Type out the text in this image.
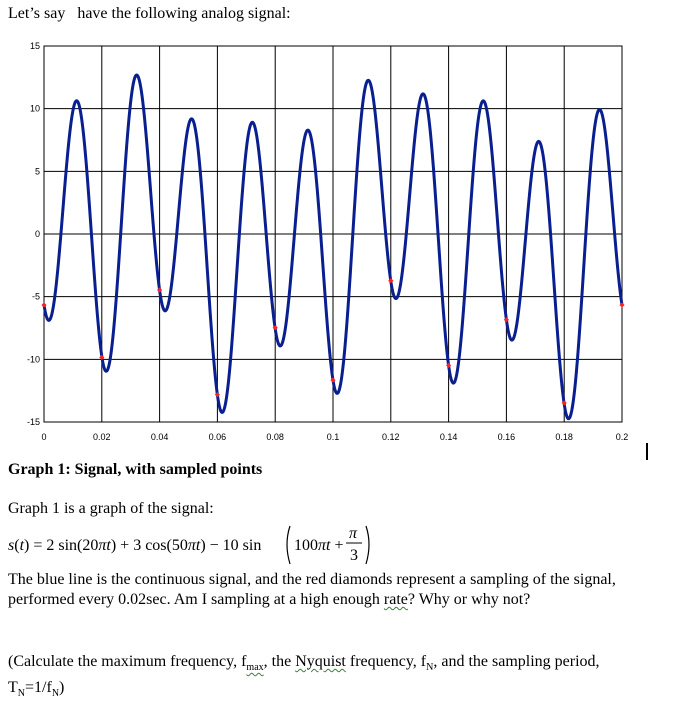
Let’s say   have the following analog signal:
15
10
5
0
-5
-10
-15
0	0.02	0.04	0.06	0.08	0.1	0.12	0.14	0.16	0.18	0.2
Graph 1: Signal, with sampled points
Graph 1 is a graph of the signal:
s(t) = 2 sin(20πt) + 3 cos(50πt) − 10 sin 100πt +
π
3
The blue line is the continuous signal, and the red diamonds represent a sampling of the signal, performed every 0.02sec. Am I sampling at a high enough rate? Why or why not?
(Calculate the maximum frequency, $f_{max}$, the Nyquist frequency, $f_N$, and the sampling period, $T_N=1/f_N$)
